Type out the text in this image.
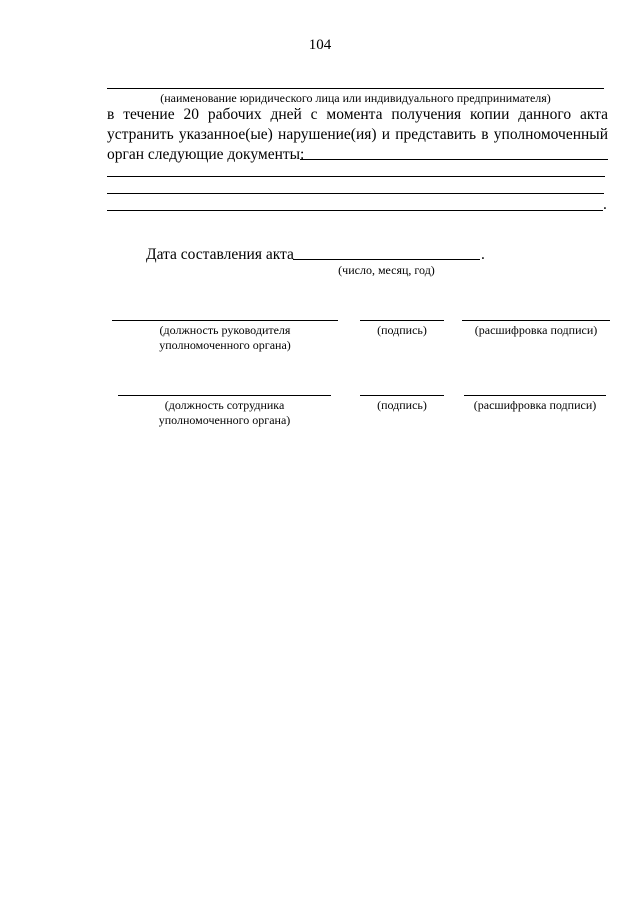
104
(наименование юридического лица или индивидуального предпринимателя)
в течение 20 рабочих дней с момента получения копии данного акта
устранить указанное(ые) нарушение(ия) и представить в уполномоченный
орган следующие документы:
.
Дата составления акта	.
(число, месяц, год)
(должность руководителя
уполномоченного органа)
(подпись)	(расшифровка подписи)
(должность сотрудника
уполномоченного органа)
(подпись)	(расшифровка подписи)
